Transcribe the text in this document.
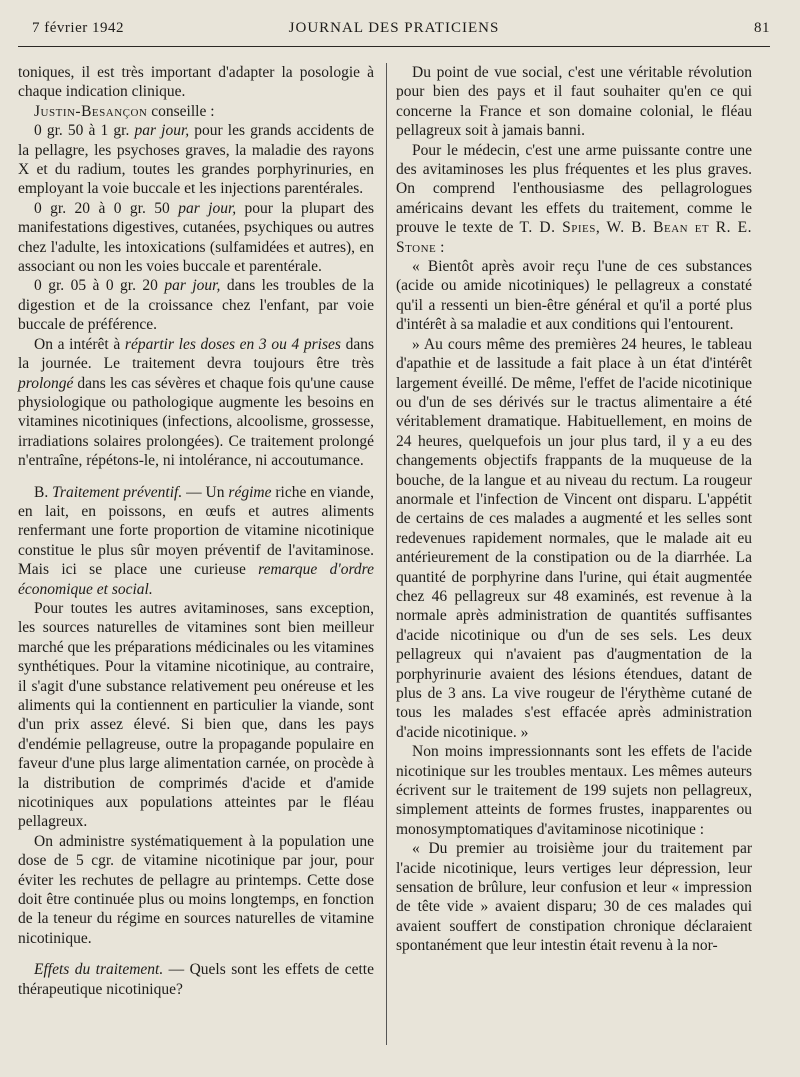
7 février 1942	JOURNAL DES PRATICIENS	81

toniques, il est très important d'adapter la posologie à chaque indication clinique.

Justin-Besançon conseille :

0 gr. 50 à 1 gr. par jour, pour les grands accidents de la pellagre, les psychoses graves, la maladie des rayons X et du radium, toutes les grandes porphyrinuries, en employant la voie buccale et les injections parentérales.

0 gr. 20 à 0 gr. 50 par jour, pour la plupart des manifestations digestives, cutanées, psychiques ou autres chez l'adulte, les intoxications (sulfamidées et autres), en associant ou non les voies buccale et parentérale.

0 gr. 05 à 0 gr. 20 par jour, dans les troubles de la digestion et de la croissance chez l'enfant, par voie buccale de préférence.

On a intérêt à répartir les doses en 3 ou 4 prises dans la journée. Le traitement devra toujours être très prolongé dans les cas sévères et chaque fois qu'une cause physiologique ou pathologique augmente les besoins en vitamines nicotiniques (infections, alcoolisme, grossesse, irradiations solaires prolongées). Ce traitement prolongé n'entraîne, répétons-le, ni intolérance, ni accoutumance.

B. Traitement préventif. — Un régime riche en viande, en lait, en poissons, en œufs et autres aliments renfermant une forte proportion de vitamine nicotinique constitue le plus sûr moyen préventif de l'avitaminose. Mais ici se place une curieuse remarque d'ordre économique et social.

Pour toutes les autres avitaminoses, sans exception, les sources naturelles de vitamines sont bien meilleur marché que les préparations médicinales ou les vitamines synthétiques. Pour la vitamine nicotinique, au contraire, il s'agit d'une substance relativement peu onéreuse et les aliments qui la contiennent en particulier la viande, sont d'un prix assez élevé. Si bien que, dans les pays d'endémie pellagreuse, outre la propagande populaire en faveur d'une plus large alimentation carnée, on procède à la distribution de comprimés d'acide et d'amide nicotiniques aux populations atteintes par le fléau pellagreux.

On administre systématiquement à la population une dose de 5 cgr. de vitamine nicotinique par jour, pour éviter les rechutes de pellagre au printemps. Cette dose doit être continuée plus ou moins longtemps, en fonction de la teneur du régime en sources naturelles de vitamine nicotinique.

Effets du traitement. — Quels sont les effets de cette thérapeutique nicotinique?

Du point de vue social, c'est une véritable révolution pour bien des pays et il faut souhaiter qu'en ce qui concerne la France et son domaine colonial, le fléau pellagreux soit à jamais banni.

Pour le médecin, c'est une arme puissante contre une des avitaminoses les plus fréquentes et les plus graves. On comprend l'enthousiasme des pellagrologues américains devant les effets du traitement, comme le prouve le texte de T. D. Spies, W. B. Bean et R. E. Stone :

« Bientôt après avoir reçu l'une de ces substances (acide ou amide nicotiniques) le pellagreux a constaté qu'il a ressenti un bien-être général et qu'il a porté plus d'intérêt à sa maladie et aux conditions qui l'entourent.

» Au cours même des premières 24 heures, le tableau d'apathie et de lassitude a fait place à un état d'intérêt largement éveillé. De même, l'effet de l'acide nicotinique ou d'un de ses dérivés sur le tractus alimentaire a été véritablement dramatique. Habituellement, en moins de 24 heures, quelquefois un jour plus tard, il y a eu des changements objectifs frappants de la muqueuse de la bouche, de la langue et au niveau du rectum. La rougeur anormale et l'infection de Vincent ont disparu. L'appétit de certains de ces malades a augmenté et les selles sont redevenues rapidement normales, que le malade ait eu antérieurement de la constipation ou de la diarrhée. La quantité de porphyrine dans l'urine, qui était augmentée chez 46 pellagreux sur 48 examinés, est revenue à la normale après administration de quantités suffisantes d'acide nicotinique ou d'un de ses sels. Les deux pellagreux qui n'avaient pas d'augmentation de la porphyrinurie avaient des lésions étendues, datant de plus de 3 ans. La vive rougeur de l'érythème cutané de tous les malades s'est effacée après administration d'acide nicotinique. »

Non moins impressionnants sont les effets de l'acide nicotinique sur les troubles mentaux. Les mêmes auteurs écrivent sur le traitement de 199 sujets non pellagreux, simplement atteints de formes frustes, inapparentes ou monosymptomatiques d'avitaminose nicotinique :

« Du premier au troisième jour du traitement par l'acide nicotinique, leurs vertiges leur dépression, leur sensation de brûlure, leur confusion et leur « impression de tête vide » avaient disparu; 30 de ces malades qui avaient souffert de constipation chronique déclaraient spontanément que leur intestin était revenu à la nor-
